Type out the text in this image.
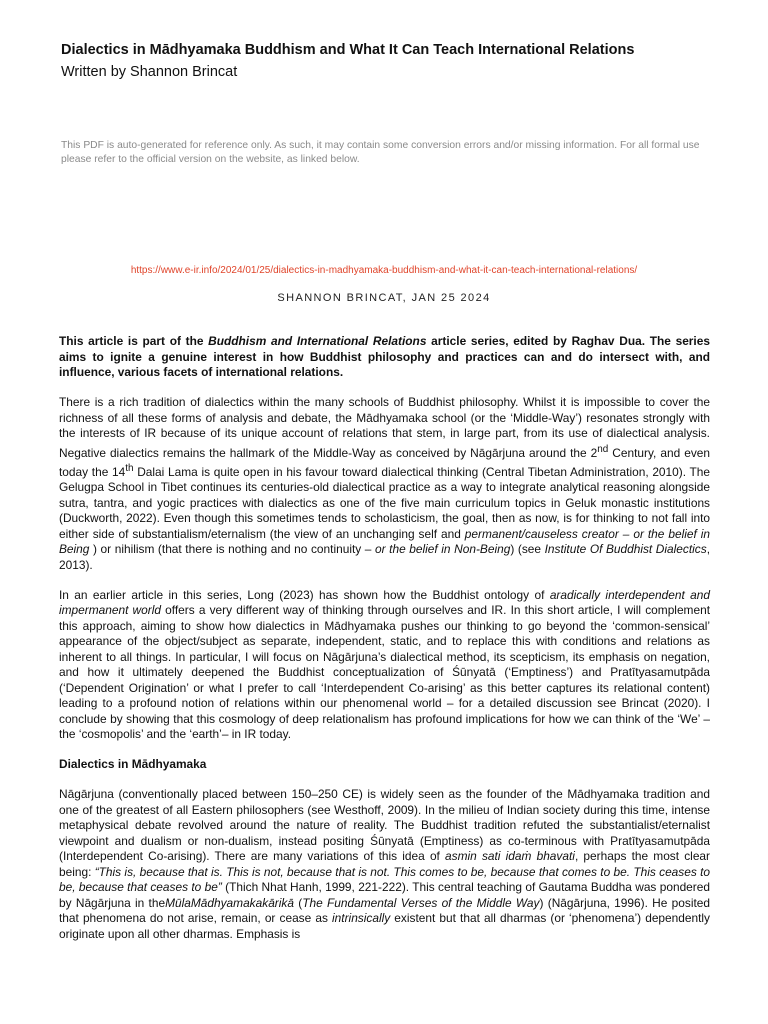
Dialectics in Mādhyamaka Buddhism and What It Can Teach International Relations
Written by Shannon Brincat
This PDF is auto-generated for reference only. As such, it may contain some conversion errors and/or missing information. For all formal use please refer to the official version on the website, as linked below.
https://www.e-ir.info/2024/01/25/dialectics-in-madhyamaka-buddhism-and-what-it-can-teach-international-relations/
SHANNON BRINCAT, JAN 25 2024

This article is part of the Buddhism and International Relations article series, edited by Raghav Dua. The series aims to ignite a genuine interest in how Buddhist philosophy and practices can and do intersect with, and influence, various facets of international relations.

There is a rich tradition of dialectics within the many schools of Buddhist philosophy. Whilst it is impossible to cover the richness of all these forms of analysis and debate, the Mādhyamaka school (or the ‘Middle-Way’) resonates strongly with the interests of IR because of its unique account of relations that stem, in large part, from its use of dialectical analysis. Negative dialectics remains the hallmark of the Middle-Way as conceived by Nāgārjuna around the 2nd Century, and even today the 14th Dalai Lama is quite open in his favour toward dialectical thinking (Central Tibetan Administration, 2010). The Gelugpa School in Tibet continues its centuries-old dialectical practice as a way to integrate analytical reasoning alongside sutra, tantra, and yogic practices with dialectics as one of the five main curriculum topics in Geluk monastic institutions (Duckworth, 2022). Even though this sometimes tends to scholasticism, the goal, then as now, is for thinking to not fall into either side of substantialism/eternalism (the view of an unchanging self and permanent/causeless creator – or the belief in Being ) or nihilism (that there is nothing and no continuity – or the belief in Non-Being) (see Institute Of Buddhist Dialectics, 2013).

In an earlier article in this series, Long (2023) has shown how the Buddhist ontology of aradically interdependent and impermanent world offers a very different way of thinking through ourselves and IR. In this short article, I will complement this approach, aiming to show how dialectics in Mādhyamaka pushes our thinking to go beyond the ‘common-sensical’ appearance of the object/subject as separate, independent, static, and to replace this with conditions and relations as inherent to all things. In particular, I will focus on Nāgārjuna’s dialectical method, its scepticism, its emphasis on negation, and how it ultimately deepened the Buddhist conceptualization of Śūnyatā (‘Emptiness’) and Pratītyasamutpāda (‘Dependent Origination’ or what I prefer to call ‘Interdependent Co-arising’ as this better captures its relational content) leading to a profound notion of relations within our phenomenal world – for a detailed discussion see Brincat (2020). I conclude by showing that this cosmology of deep relationalism has profound implications for how we can think of the ‘We’ – the ‘cosmopolis’ and the ‘earth’– in IR today.

Dialectics in Mādhyamaka

Nāgārjuna (conventionally placed between 150–250 CE) is widely seen as the founder of the Mādhyamaka tradition and one of the greatest of all Eastern philosophers (see Westhoff, 2009). In the milieu of Indian society during this time, intense metaphysical debate revolved around the nature of reality. The Buddhist tradition refuted the substantialist/eternalist viewpoint and dualism or non-dualism, instead positing Śūnyatā (Emptiness) as co-terminous with Pratītyasamutpāda (Interdependent Co-arising). There are many variations of this idea of asmin sati idaṁ bhavati, perhaps the most clear being: “This is, because that is. This is not, because that is not. This comes to be, because that comes to be. This ceases to be, because that ceases to be” (Thich Nhat Hanh, 1999, 221-222). This central teaching of Gautama Buddha was pondered by Nāgārjuna in theMūlaMādhyamakakārikā (The Fundamental Verses of the Middle Way) (Nāgārjuna, 1996). He posited that phenomena do not arise, remain, or cease as intrinsically existent but that all dharmas (or ‘phenomena’) dependently originate upon all other dharmas. Emphasis is
